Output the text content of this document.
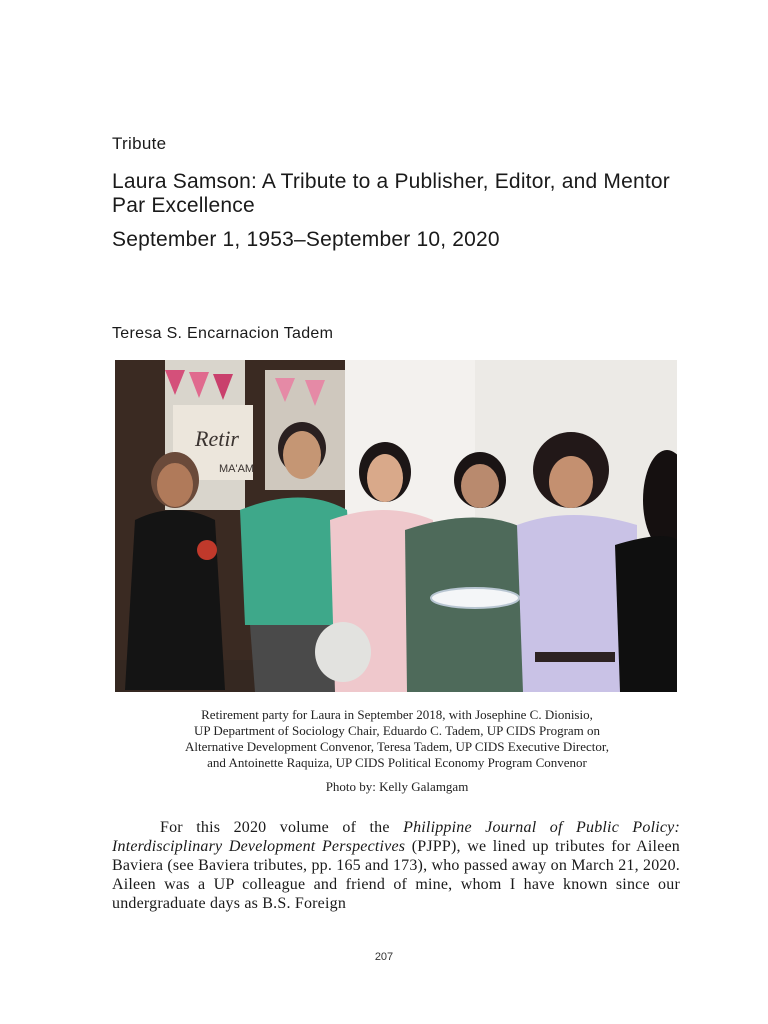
Tribute
Laura Samson: A Tribute to a Publisher, Editor, and Mentor Par Excellence
September 1, 1953–September 10, 2020
Teresa S. Encarnacion Tadem
Retir
MA'AM
Retirement party for Laura in September 2018, with Josephine C. Dionisio,
UP Department of Sociology Chair, Eduardo C. Tadem, UP CIDS Program on
Alternative Development Convenor, Teresa Tadem, UP CIDS Executive Director,
and Antoinette Raquiza, UP CIDS Political Economy Program Convenor
Photo by: Kelly Galamgam

For this 2020 volume of the Philippine Journal of Public Policy: Interdisciplinary Development Perspectives (PJPP), we lined up tributes for Aileen Baviera (see Baviera tributes, pp. 165 and 173), who passed away on March 21, 2020. Aileen was a UP colleague and friend of mine, whom I have known since our undergraduate days as B.S. Foreign

207
